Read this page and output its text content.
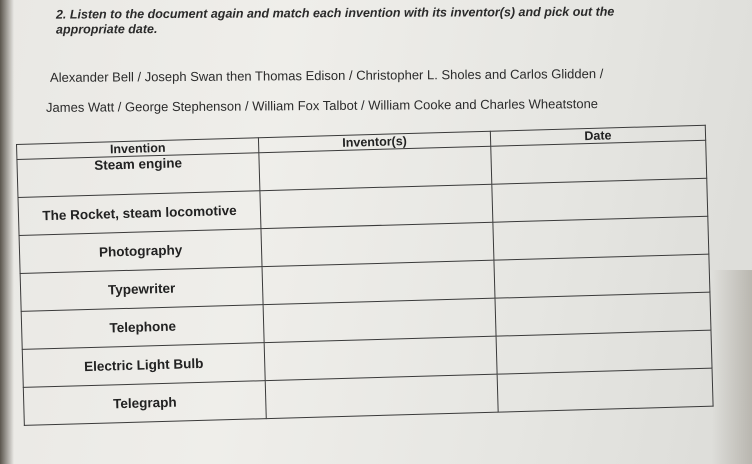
2. Listen to the document again and match each invention with its inventor(s) and pick out the appropriate date.
Alexander Bell / Joseph Swan then Thomas Edison / Christopher L. Sholes and Carlos Glidden /
James Watt / George Stephenson / William Fox Talbot / William Cooke and Charles Wheatstone
Invention	Inventor(s)	Date
Steam engine		
The Rocket, steam locomotive		
Photography		
Typewriter		
Telephone		
Electric Light Bulb		
Telegraph		
